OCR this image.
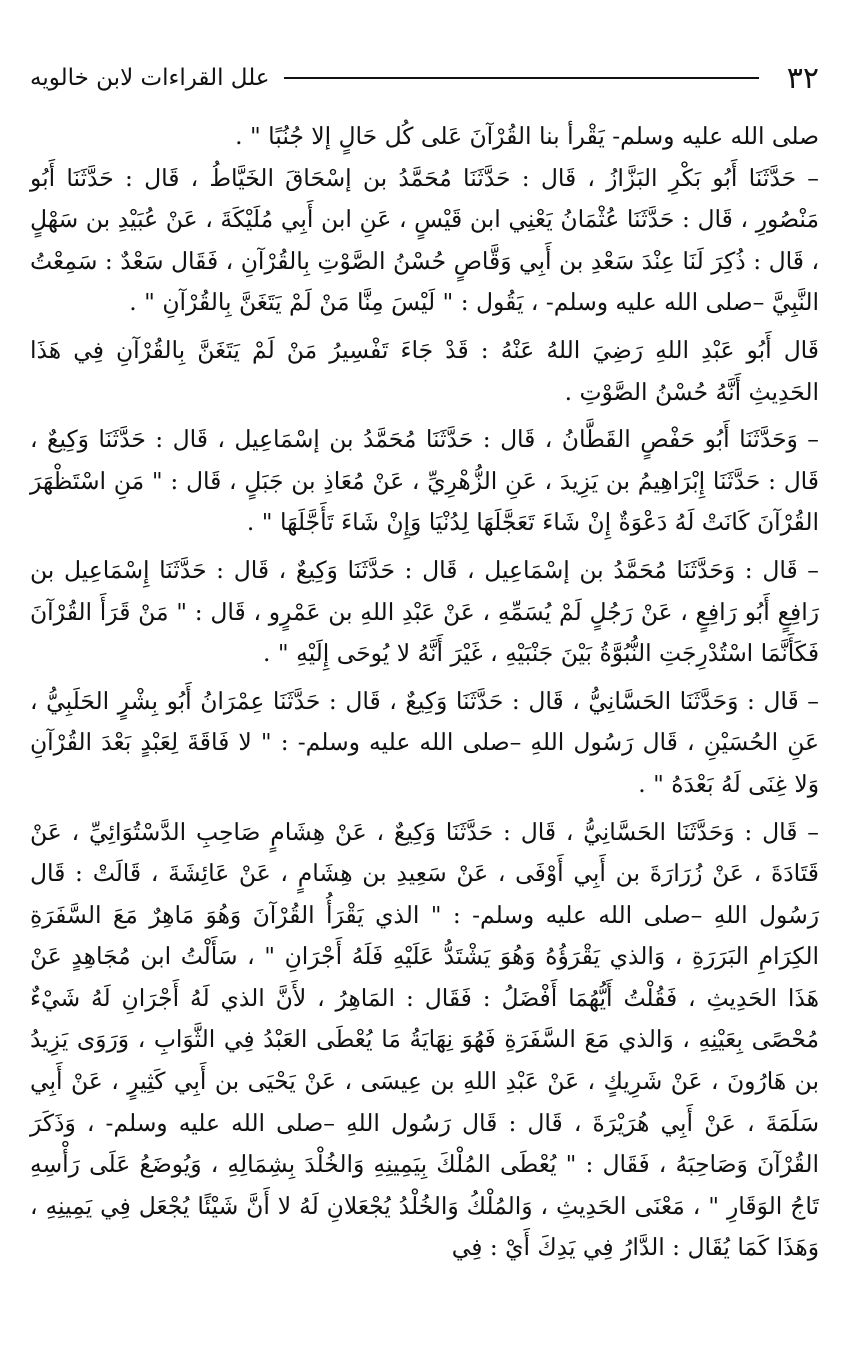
٣٢
علل القراءات لابن خالويه

صلى الله عليه وسلم- يَقْرأ بنا القُرْآنَ عَلى كُل حَالٍ إلا جُنُبًا " .

– حَدَّثَنَا أَبُو بَكْرِ البَزَّازُ ، قَال : حَدَّثَنَا مُحَمَّدُ بن إسْحَاقَ الخَيَّاطُ ، قَال : حَدَّثَنَا أَبُو مَنْصُورِ ، قَال : حَدَّثَنَا عُثْمَانُ يَعْنِي ابن قَيْسٍ ، عَنِ ابن أَبِي مُلَيْكَةَ ، عَنْ عُبَيْدِ بن سَهْلٍ ، قَال : ذُكِرَ لَنَا عِنْدَ سَعْدِ بن أَبِي وَقَّاصٍ حُسْنُ الصَّوْتِ بِالقُرْآنِ ، فَقَال سَعْدٌ : سَمِعْتُ النَّبِيَّ –صلى الله عليه وسلم- ، يَقُول : " لَيْسَ مِنَّا مَنْ لَمْ يَتَغَنَّ بِالقُرْآنِ " .

قَال أَبُو عَبْدِ اللهِ رَضِيَ اللهُ عَنْهُ : قَدْ جَاءَ تَفْسِيرُ مَنْ لَمْ يَتَغَنَّ بِالقُرْآنِ فِي هَذَا الحَدِيثِ أَنَّهُ حُسْنُ الصَّوْتِ .

– وَحَدَّثَنَا أَبُو حَفْصٍ القَطَّانُ ، قَال : حَدَّثَنَا مُحَمَّدُ بن إسْمَاعِيل ، قَال : حَدَّثَنَا وَكِيعٌ ، قَال : حَدَّثَنَا إِبْرَاهِيمُ بن يَزِيدَ ، عَنِ الزُّهْرِيِّ ، عَنْ مُعَاذِ بن جَبَلٍ ، قَال : " مَنِ اسْتَظْهَرَ القُرْآنَ كَانَتْ لَهُ دَعْوَةٌ إِنْ شَاءَ تَعَجَّلَهَا لِدُنْيَا وَإِنْ شَاءَ تَأَجَّلَهَا " .

– قَال : وَحَدَّثَنَا مُحَمَّدُ بن إسْمَاعِيل ، قَال : حَدَّثَنَا وَكِيعٌ ، قَال : حَدَّثَنَا إِسْمَاعِيل بن رَافِعٍ أَبُو رَافِعٍ ، عَنْ رَجُلٍ لَمْ يُسَمِّهِ ، عَنْ عَبْدِ اللهِ بن عَمْرٍو ، قَال : " مَنْ قَرَأَ القُرْآنَ فَكَأَنَّمَا اسْتُدْرِجَتِ النُّبُوَّةُ بَيْنَ جَنْبَيْهِ ، غَيْرَ أَنَّهُ لا يُوحَى إِلَيْهِ " .

– قَال : وَحَدَّثَنَا الحَسَّانِيُّ ، قَال : حَدَّثَنَا وَكِيعٌ ، قَال : حَدَّثَنَا عِمْرَانُ أَبُو بِشْرٍ الحَلَبِيُّ ، عَنِ الحُسَيْنِ ، قَال رَسُول اللهِ –صلى الله عليه وسلم- : " لا فَاقَةَ لِعَبْدٍ بَعْدَ القُرْآنِ وَلا غِنَى لَهُ بَعْدَهُ " .

– قَال : وَحَدَّثَنَا الحَسَّانِيُّ ، قَال : حَدَّثَنَا وَكِيعٌ ، عَنْ هِشَامٍ صَاحِبِ الدَّسْتُوَائِيِّ ، عَنْ قَتَادَةَ ، عَنْ زُرَارَةَ بن أَبِي أَوْفَى ، عَنْ سَعِيدِ بن هِشَامٍ ، عَنْ عَائِشَةَ ، قَالَتْ : قَال رَسُول اللهِ –صلى الله عليه وسلم- : " الذي يَقْرَأُ القُرْآنَ وَهُوَ مَاهِرٌ مَعَ السَّفَرَةِ الكِرَامِ البَرَرَةِ ، وَالذي يَقْرَؤُهُ وَهُوَ يَشْتَدُّ عَلَيْهِ فَلَهُ أَجْرَانِ " ، سَأَلْتُ ابن مُجَاهِدٍ عَنْ هَذَا الحَدِيثِ ، فَقُلْتُ أَيُّهُمَا أَفْضَلُ : فَقَال : المَاهِرُ ، لأَنَّ الذي لَهُ أَجْرَانِ لَهُ شَيْءٌ مُحْصًى بِعَيْنِهِ ، وَالذي مَعَ السَّفَرَةِ فَهُوَ نِهَايَةُ مَا يُعْطَى العَبْدُ فِي الثَّوَابِ ، وَرَوَى يَزِيدُ بن هَارُونَ ، عَنْ شَرِيكٍ ، عَنْ عَبْدِ اللهِ بن عِيسَى ، عَنْ يَحْيَى بن أَبِي كَثِيرٍ ، عَنْ أَبِي سَلَمَةَ ، عَنْ أَبِي هُرَيْرَةَ ، قَال : قَال رَسُول اللهِ –صلى الله عليه وسلم- ، وَذَكَرَ القُرْآنَ وَصَاحِبَهُ ، فَقَال : " يُعْطَى المُلْكَ بِيَمِينِهِ وَالخُلْدَ بِشِمَالِهِ ، وَيُوضَعُ عَلَى رَأْسِهِ تَاجُ الوَقَارِ " ، مَعْنَى الحَدِيثِ ، وَالمُلْكُ وَالخُلْدُ يُجْعَلانِ لَهُ لا أَنَّ شَيْئًا يُجْعَل فِي يَمِينِهِ ، وَهَذَا كَمَا يُقَال : الدَّارُ فِي يَدِكَ أَيْ : فِي
